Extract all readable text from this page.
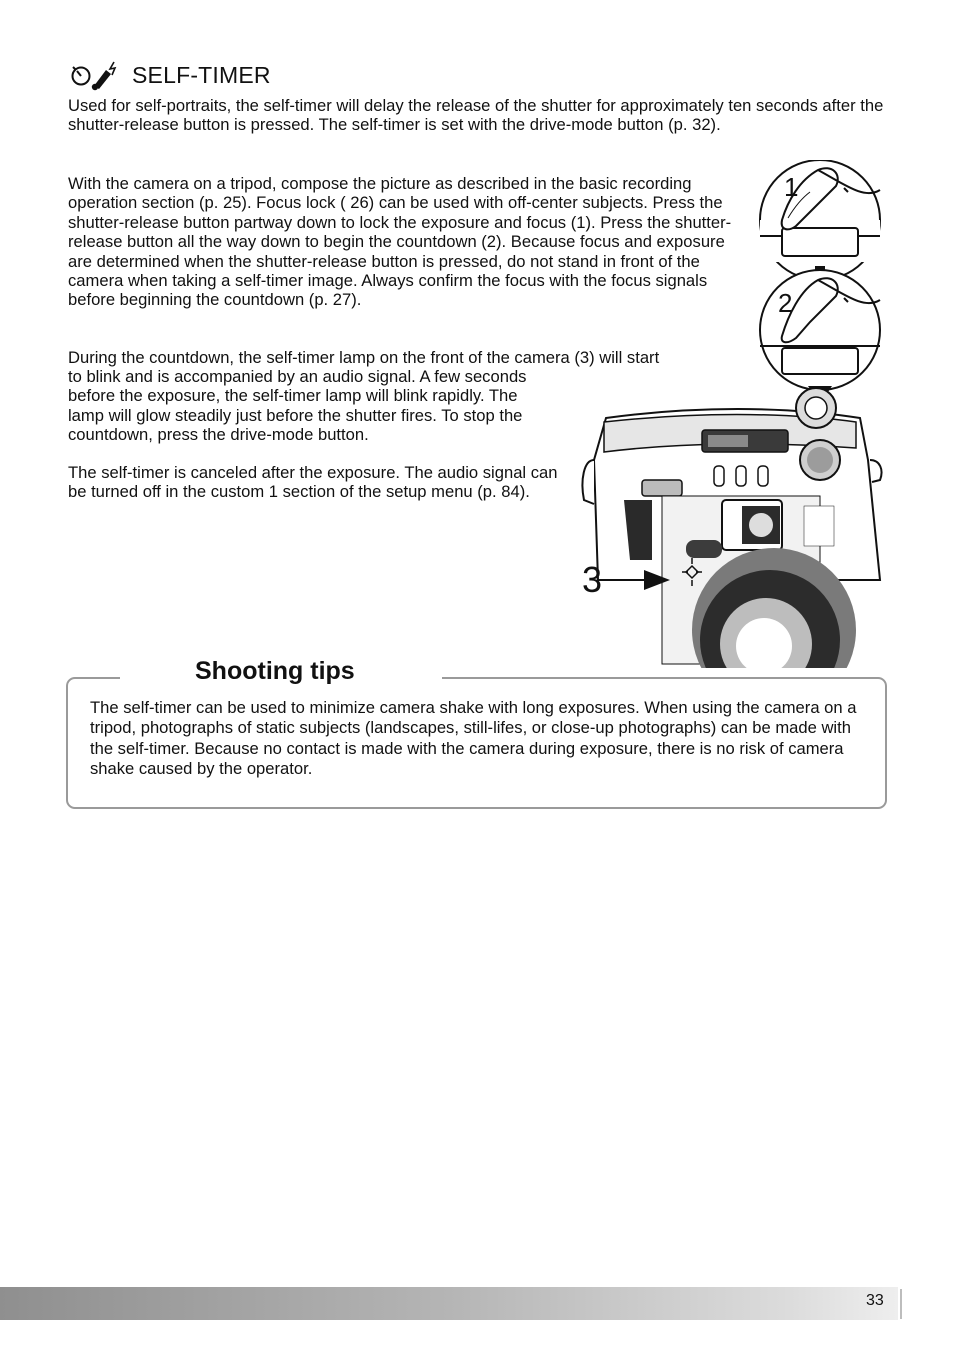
SELF-TIMER

Used for self-portraits, the self-timer will delay the release of the shutter for approximately ten seconds after the shutter-release button is pressed. The self-timer is set with the drive-mode button (p. 32).

With the camera on a tripod, compose the picture as described in the basic recording operation section (p. 25). Focus lock ( 26) can be used with off-center subjects. Press the shutter-release button partway down to lock the exposure and focus (1). Press the shutter-release button all the way down to begin the countdown (2). Because focus and exposure are determined when the shutter-release button is pressed, do not stand in front of the camera when taking a self-timer image. Always confirm the focus with the focus signals before beginning the countdown (p. 27).

During the countdown, the self-timer lamp on the front of the camera (3) will start

to blink and is accompanied by an audio signal. A few seconds before the exposure, the self-timer lamp will blink rapidly. The lamp will glow steadily just before the shutter fires. To stop the countdown, press the drive-mode button.

The self-timer is canceled after the exposure. The audio signal can be turned off in the custom 1 section of the setup menu (p. 84).

1
2
3
Shooting tips

The self-timer can be used to minimize camera shake with long exposures. When using the camera on a tripod, photographs of static subjects (landscapes, still-lifes, or close-up photographs) can be made with the self-timer. Because no contact is made with the camera during exposure, there is no risk of camera shake caused by the operator.

33
